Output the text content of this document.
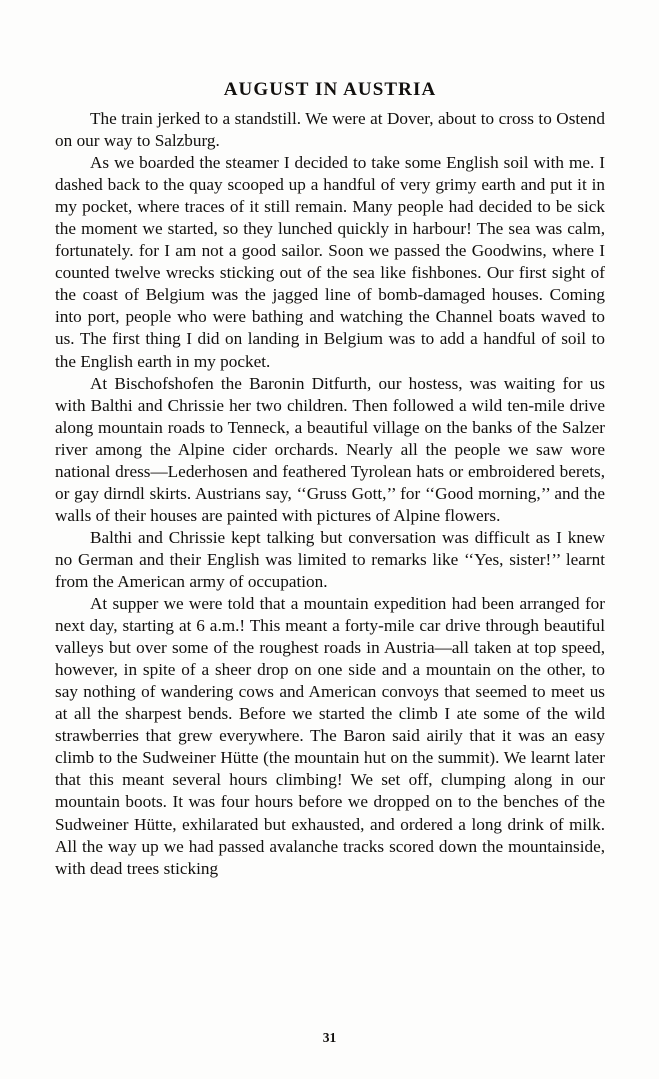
AUGUST IN AUSTRIA

The train jerked to a standstill. We were at Dover, about to cross to Ostend on our way to Salzburg.

As we boarded the steamer I decided to take some English soil with me. I dashed back to the quay scooped up a handful of very grimy earth and put it in my pocket, where traces of it still remain. Many people had decided to be sick the moment we started, so they lunched quickly in harbour! The sea was calm, fortunately. for I am not a good sailor. Soon we passed the Goodwins, where I counted twelve wrecks sticking out of the sea like fishbones. Our first sight of the coast of Belgium was the jagged line of bomb-damaged houses. Coming into port, people who were bathing and watching the Channel boats waved to us. The first thing I did on landing in Belgium was to add a handful of soil to the English earth in my pocket.

At Bischofshofen the Baronin Ditfurth, our hostess, was waiting for us with Balthi and Chrissie her two children. Then followed a wild ten-mile drive along mountain roads to Tenneck, a beautiful village on the banks of the Salzer river among the Alpine cider orchards. Nearly all the people we saw wore national dress—Lederhosen and feathered Tyrolean hats or embroidered berets, or gay dirndl skirts. Austrians say, ‘‘Gruss Gott,’’ for ‘‘Good morning,’’ and the walls of their houses are painted with pictures of Alpine flowers.

Balthi and Chrissie kept talking but conversation was difficult as I knew no German and their English was limited to remarks like ‘‘Yes, sister!’’ learnt from the American army of occupation.

At supper we were told that a mountain expedition had been arranged for next day, starting at 6 a.m.! This meant a forty-mile car drive through beautiful valleys but over some of the roughest roads in Austria—all taken at top speed, however, in spite of a sheer drop on one side and a mountain on the other, to say nothing of wandering cows and American convoys that seemed to meet us at all the sharpest bends. Before we started the climb I ate some of the wild strawberries that grew everywhere. The Baron said airily that it was an easy climb to the Sudweiner Hütte (the mountain hut on the summit). We learnt later that this meant several hours climbing! We set off, clumping along in our mountain boots. It was four hours before we dropped on to the benches of the Sudweiner Hütte, exhilarated but exhausted, and ordered a long drink of milk. All the way up we had passed avalanche tracks scored down the mountainside, with dead trees sticking

31
